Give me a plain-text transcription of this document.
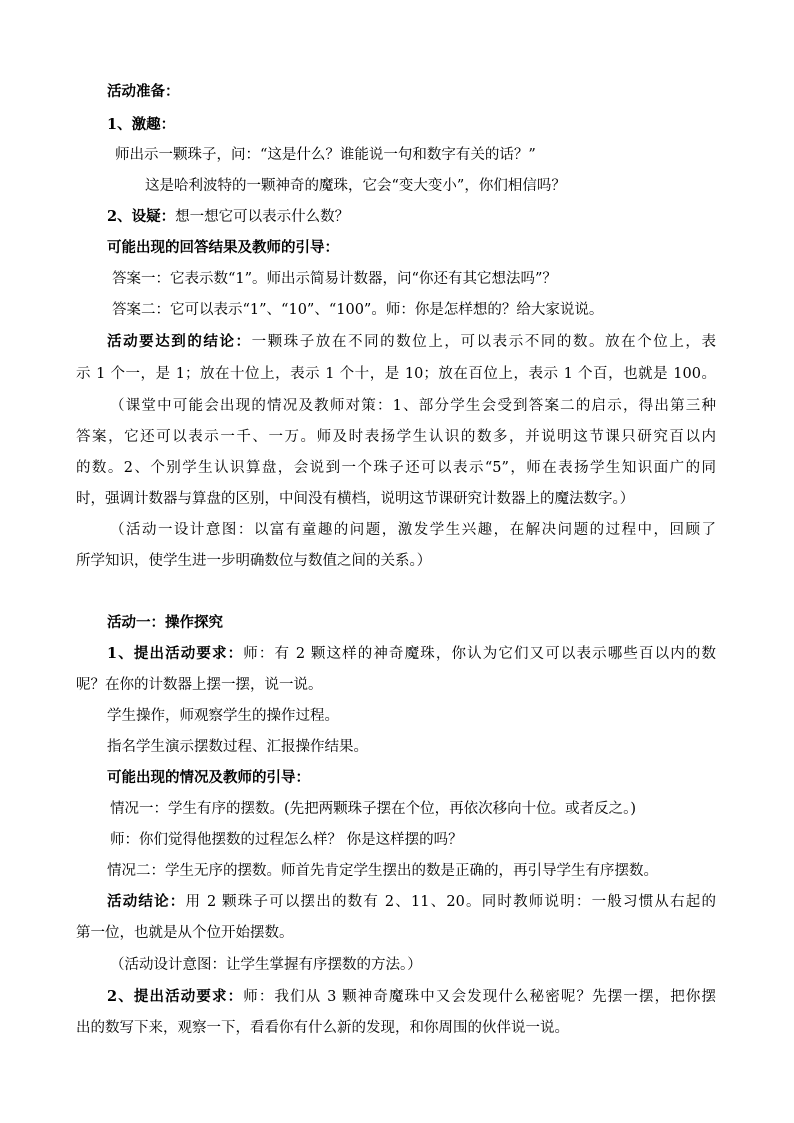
活动准备：
1、激趣：
师出示一颗珠子，问：“这是什么？谁能说一句和数字有关的话？”
这是哈利波特的一颗神奇的魔珠，它会“变大变小”，你们相信吗？
2、设疑：想一想它可以表示什么数？
可能出现的回答结果及教师的引导：
答案一：它表示数“1”。师出示简易计数器，问“你还有其它想法吗”？
答案二：它可以表示“1”、“10”、“100”。师：你是怎样想的？给大家说说。
活动要达到的结论：一颗珠子放在不同的数位上，可以表示不同的数。放在个位上，表
示 1 个一，是 1；放在十位上，表示 1 个十，是 10；放在百位上，表示 1 个百，也就是 100。
（课堂中可能会出现的情况及教师对策：1、部分学生会受到答案二的启示，得出第三种
答案，它还可以表示一千、一万。师及时表扬学生认识的数多，并说明这节课只研究百以内
的数。2、个别学生认识算盘，会说到一个珠子还可以表示“5”，师在表扬学生知识面广的同
时，强调计数器与算盘的区别，中间没有横档，说明这节课研究计数器上的魔法数字。）
（活动一设计意图：以富有童趣的问题，激发学生兴趣，在解决问题的过程中，回顾了
所学知识，使学生进一步明确数位与数值之间的关系。）
活动一：操作探究
1、提出活动要求：师：有 2 颗这样的神奇魔珠，你认为它们又可以表示哪些百以内的数
呢？在你的计数器上摆一摆，说一说。
学生操作，师观察学生的操作过程。
指名学生演示摆数过程、汇报操作结果。
可能出现的情况及教师的引导：
情况一：学生有序的摆数。(先把两颗珠子摆在个位，再依次移向十位。或者反之。)
师：你们觉得他摆数的过程怎么样？ 你是这样摆的吗？
情况二：学生无序的摆数。师首先肯定学生摆出的数是正确的，再引导学生有序摆数。
活动结论：用 2 颗珠子可以摆出的数有 2、11、20。同时教师说明：一般习惯从右起的
第一位，也就是从个位开始摆数。
（活动设计意图：让学生掌握有序摆数的方法。）
2、提出活动要求：师：我们从 3 颗神奇魔珠中又会发现什么秘密呢？先摆一摆，把你摆
出的数写下来，观察一下，看看你有什么新的发现，和你周围的伙伴说一说。
